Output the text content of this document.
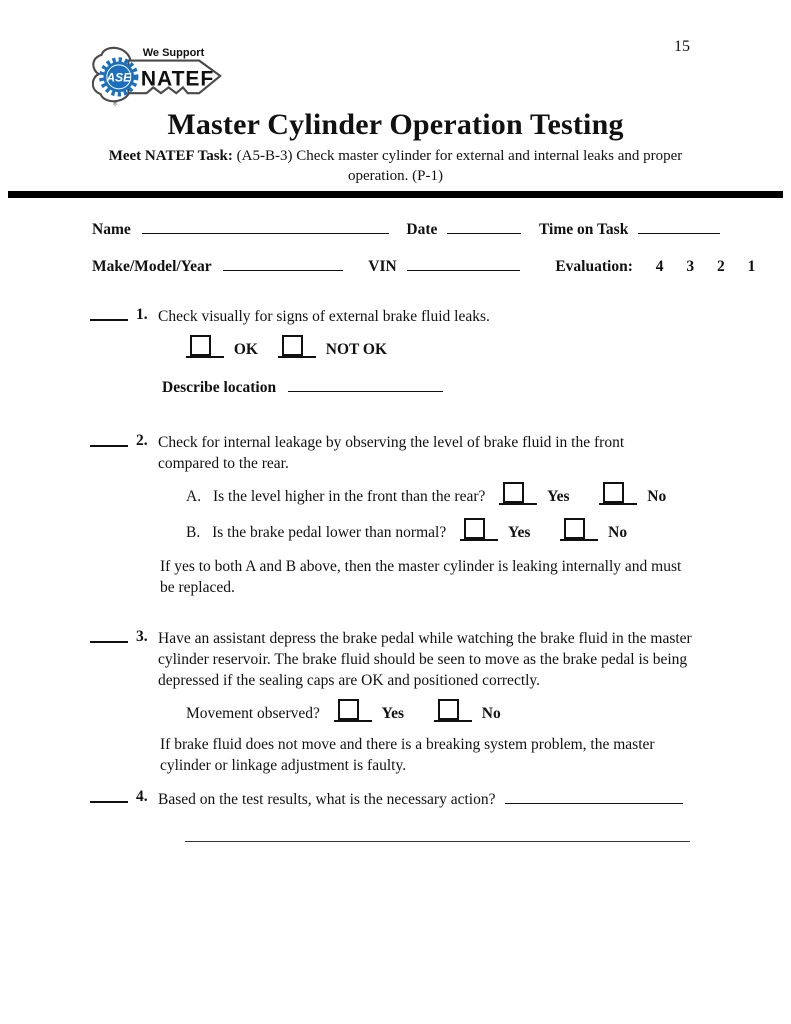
15
ASE
We Support
NATEF
®
Master Cylinder Operation Testing
Meet NATEF Task: (A5-B-3) Check master cylinder for external and internal leaks and proper
operation. (P-1)
Name	Date	Time on Task
Make/Model/Year	VIN	Evaluation: 4 3 2 1
1. Check visually for signs of external brake fluid leaks.
OK	NOT OK
Describe location
2. Check for internal leakage by observing the level of brake fluid in the front
compared to the rear.
A. Is the level higher in the front than the rear?	Yes	No
B. Is the brake pedal lower than normal?	Yes	No
If yes to both A and B above, then the master cylinder is leaking internally and must
be replaced.
3. Have an assistant depress the brake pedal while watching the brake fluid in the master
cylinder reservoir. The brake fluid should be seen to move as the brake pedal is being
depressed if the sealing caps are OK and positioned correctly.
Movement observed?	Yes	No
If brake fluid does not move and there is a breaking system problem, the master
cylinder or linkage adjustment is faulty.
4. Based on the test results, what is the necessary action?
